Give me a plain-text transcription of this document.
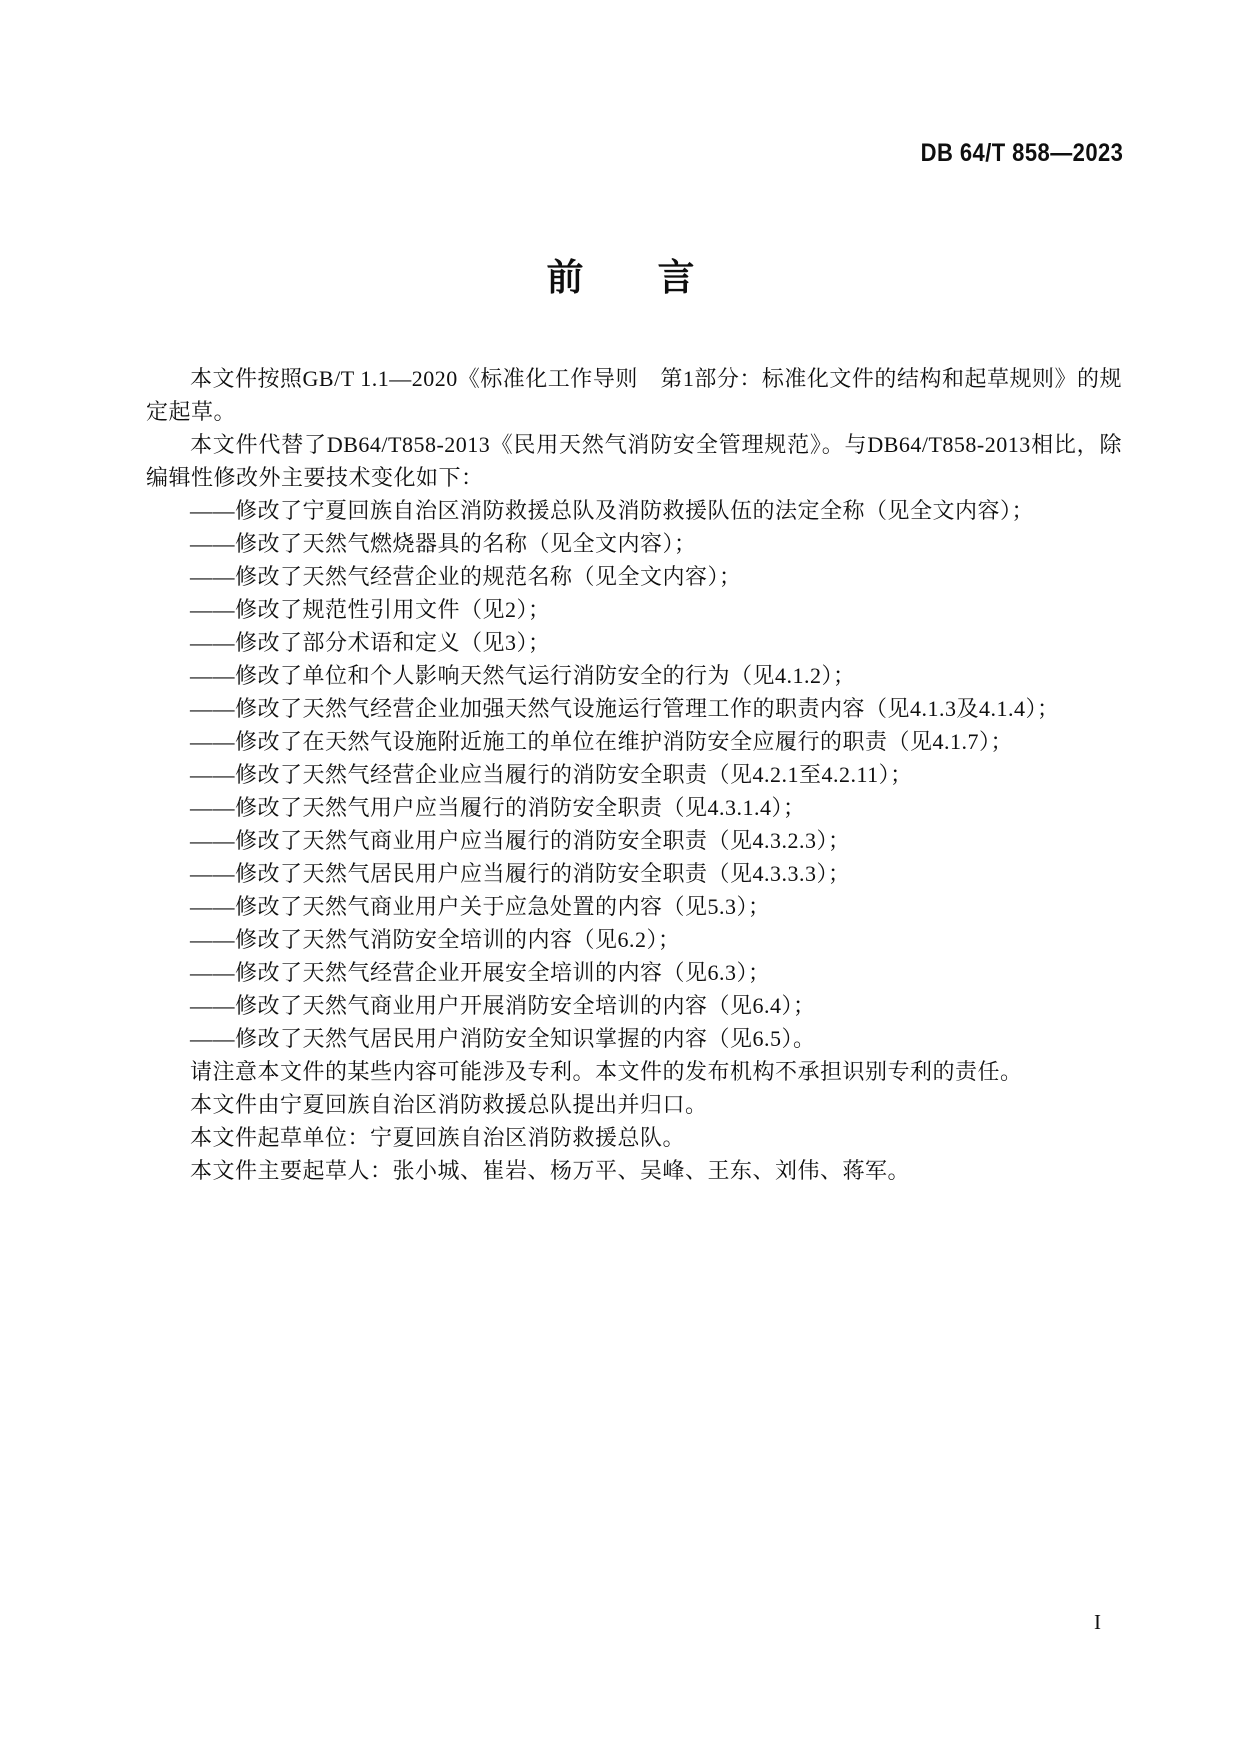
DB 64/T 858—2023
前　　言

本文件按照GB/T 1.1—2020《标准化工作导则　第1部分：标准化文件的结构和起草规则》的规定起草。

本文件代替了DB64/T858-2013《民用天然气消防安全管理规范》。与DB64/T858-2013相比，除编辑性修改外主要技术变化如下：

——修改了宁夏回族自治区消防救援总队及消防救援队伍的法定全称（见全文内容）；

——修改了天然气燃烧器具的名称（见全文内容）；

——修改了天然气经营企业的规范名称（见全文内容）；

——修改了规范性引用文件（见2）；

——修改了部分术语和定义（见3）；

——修改了单位和个人影响天然气运行消防安全的行为（见4.1.2）；

——修改了天然气经营企业加强天然气设施运行管理工作的职责内容（见4.1.3及4.1.4）；

——修改了在天然气设施附近施工的单位在维护消防安全应履行的职责（见4.1.7）；

——修改了天然气经营企业应当履行的消防安全职责（见4.2.1至4.2.11）；

——修改了天然气用户应当履行的消防安全职责（见4.3.1.4）；

——修改了天然气商业用户应当履行的消防安全职责（见4.3.2.3）；

——修改了天然气居民用户应当履行的消防安全职责（见4.3.3.3）；

——修改了天然气商业用户关于应急处置的内容（见5.3）；

——修改了天然气消防安全培训的内容（见6.2）；

——修改了天然气经营企业开展安全培训的内容（见6.3）；

——修改了天然气商业用户开展消防安全培训的内容（见6.4）；

——修改了天然气居民用户消防安全知识掌握的内容（见6.5）。

请注意本文件的某些内容可能涉及专利。本文件的发布机构不承担识别专利的责任。

本文件由宁夏回族自治区消防救援总队提出并归口。

本文件起草单位：宁夏回族自治区消防救援总队。

本文件主要起草人：张小城、崔岩、杨万平、吴峰、王东、刘伟、蒋军。

I
